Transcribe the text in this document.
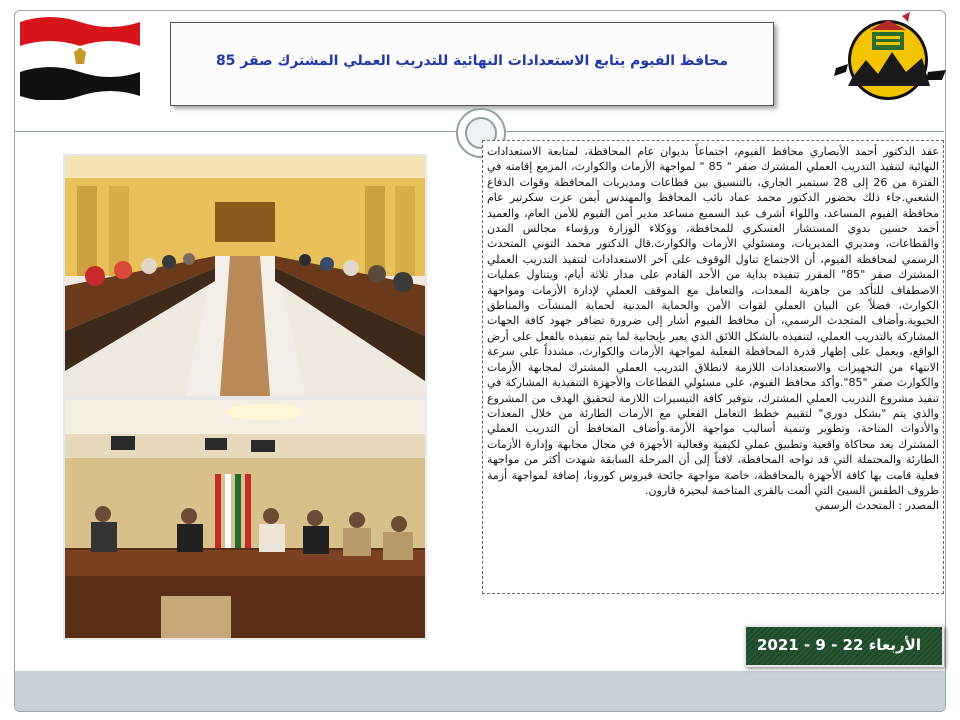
محافظ الفيوم يتابع الاستعدادات النهائية للتدريب العملي المشترك صقر 85
عقد الدكتور أحمد الأنصاري محافظ الفيوم، اجتماعاً بديوان عام المحافظة، لمتابعة الاستعدادات النهائية لتنفيذ التدريب العملي المشترك صقر " 85 " لمواجهة الأزمات والكوارث، المزمع إقامته في الفترة من 26 إلى 28 سبتمبر الجاري، بالتنسيق بين قطاعات ومديريات المحافظة وقوات الدفاع الشعبي.جاء ذلك بحضور الدكتور محمد عماد نائب المحافظ والمهندس أيمن عزت سكرتير عام محافظة الفيوم المساعد، واللواء أشرف عبد السميع مساعد مدير أمن الفيوم للأمن العام، والعميد أحمد حسين بدوي المستشار العسكري للمحافظة، ووكلاء الوزارة ورؤساء مجالس المدن والقطاعات، ومديري المديريات، ومسئولي الأزمات والكوارث.قال الدكتور محمد التوني المتحدث الرسمي لمحافظة الفيوم، أن الاجتماع تناول الوقوف على آخر الاستعدادات لتنفيذ التدريب العملي المشترك صقر "85" المقرر تنفيذه بداية من الأحد القادم على مدار ثلاثة أيام، ويتناول عمليات الاصطفاف للتأكد من جاهزية المعدات، والتعامل مع الموقف العملي لإدارة الأزمات ومواجهة الكوارث، فضلاً عن البيان العملي لقوات الأمن والحماية المدنية لحماية المنشآت والمناطق الحيوية.وأضاف المتحدث الرسمي، أن محافظ الفيوم أشار إلى ضرورة تضافر جهود كافة الجهات المشاركة بالتدريب العملي، لتنفيذه بالشكل اللائق الذي يعبر بإيجابية لما يتم تنفيذه بالفعل على أرض الواقع، ويعمل على إظهار قدرة المحافظة الفعلية لمواجهة الأزمات والكوارث، مشدداً على سرعة الانتهاء من التجهيزات والاستعدادات اللازمة لانطلاق التدريب العملي المشترك لمجابهة الأزمات والكوارث صقر "85".وأكد محافظ الفيوم، على مسئولي القطاعات والأجهزة التنفيذية المشاركة في تنفيذ مشروع التدريب العملي المشترك، بتوفير كافة التيسيرات اللازمة لتحقيق الهدف من المشروع والذي يتم "بشكل دوري" لتقييم خطط التعامل الفعلي مع الأزمات الطارئة من خلال المعدات والأدوات المتاحة، وتطوير وتنمية أساليب مواجهة الأزمة.وأضاف المحافظ أن التدريب العملي المشترك يعد محاكاة واقعية وتطبيق عملي لكيفية وفعالية الأجهزة في مجال مجابهة وإدارة الأزمات الطارئة والمحتملة التي قد تواجه المحافظة، لافتاً إلى أن المرحلة السابقة شهدت أكثر من مواجهة فعلية قامت بها كافة الأجهزة بالمحافظة، خاصة مواجهة جائحة فيروس كورونا، إضافة لمواجهة أزمة ظروف الطقس السيئ التي ألمت بالقرى المتاخمة لبحيرة قارون.
المصدر : المتحدث الرسمي
الأربعاء 22 - 9 - 2021
